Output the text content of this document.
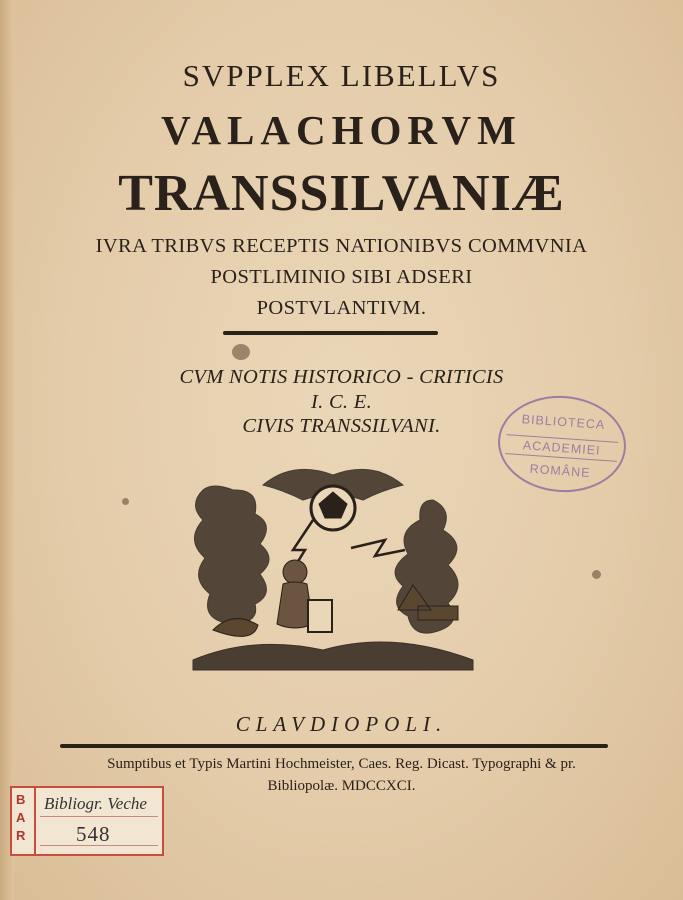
SVPPLEX LIBELLVS
VALACHORVM
TRANSSILVANIÆ
IVRA TRIBVS RECEPTIS NATIONIBVS COMMVNIA
POSTLIMINIO SIBI ADSERI
POSTVLANTIVM.
CVM NOTIS HISTORICO - CRITICIS
I. C. E.
CIVIS TRANSSILVANI.	BIBLIOTECA
ACADEMIEI
ROMÂNE
CLAVDIOPOLI.
Sumptibus et Typis Martini Hochmeister, Caes. Reg. Dicast. Typographi & pr.
Bibliopolæ. MDCCXCI.
B
A
R
Bibliogr. Veche
548
